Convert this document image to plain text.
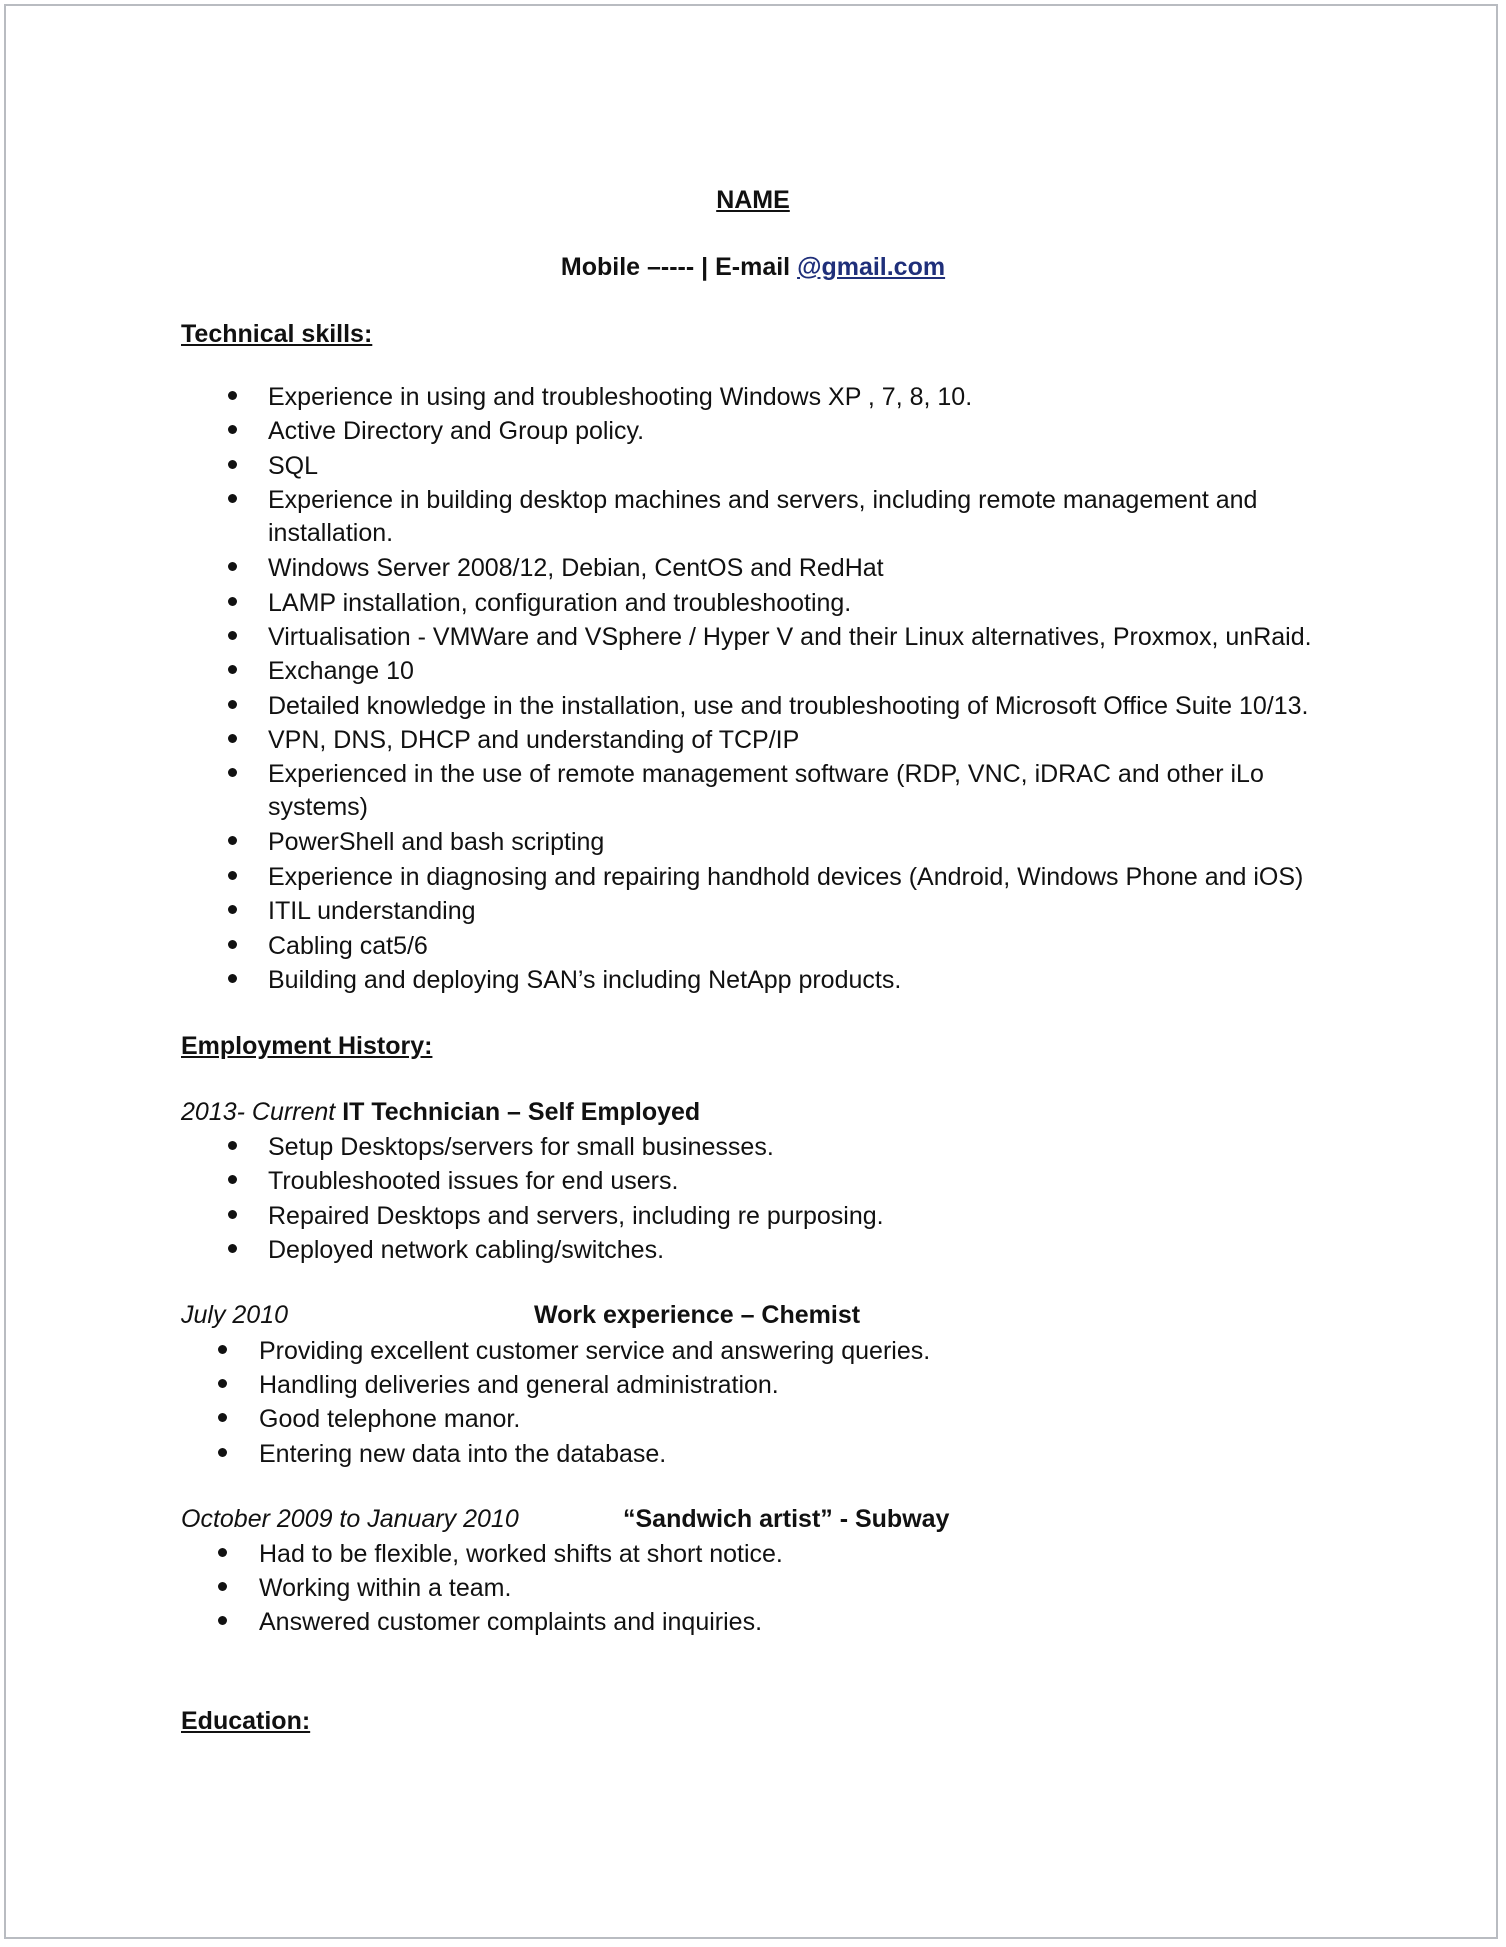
NAME
Mobile –---- | E-mail @gmail.com
Technical skills:
Experience in using and troubleshooting Windows XP , 7, 8, 10.
Active Directory and Group policy.
SQL
Experience in building desktop machines and servers, including remote management and
installation.
Windows Server 2008/12, Debian, CentOS and RedHat
LAMP installation, configuration and troubleshooting.
Virtualisation - VMWare and VSphere / Hyper V and their Linux alternatives, Proxmox, unRaid.
Exchange 10
Detailed knowledge in the installation, use and troubleshooting of Microsoft Office Suite 10/13.
VPN, DNS, DHCP and understanding of TCP/IP
Experienced in the use of remote management software (RDP, VNC, iDRAC and other iLo
systems)
PowerShell and bash scripting
Experience in diagnosing and repairing handhold devices (Android, Windows Phone and iOS)
ITIL understanding
Cabling cat5/6
Building and deploying SAN’s including NetApp products.
Employment History:
2013- Current IT Technician – Self Employed
Setup Desktops/servers for small businesses.
Troubleshooted issues for end users.
Repaired Desktops and servers, including re purposing.
Deployed network cabling/switches.
July 2010	Work experience – Chemist
Providing excellent customer service and answering queries.
Handling deliveries and general administration.
Good telephone manor.
Entering new data into the database.
October 2009 to January 2010	“Sandwich artist” - Subway
Had to be flexible, worked shifts at short notice.
Working within a team.
Answered customer complaints and inquiries.
Education:
